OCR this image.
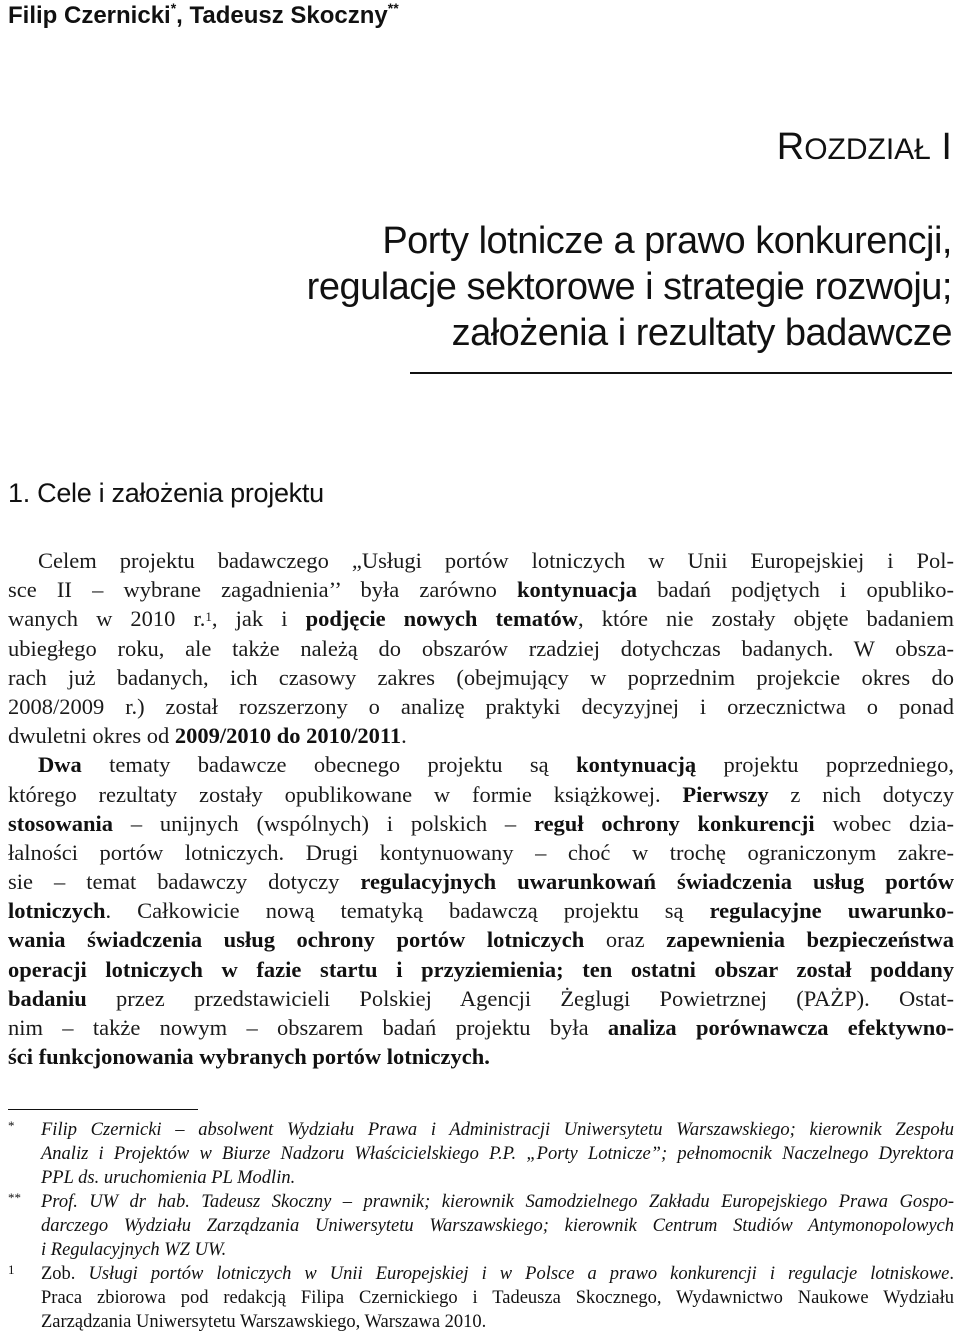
Filip Czernicki*, Tadeusz Skoczny**
ROZDZIAŁ I
Porty lotnicze a prawo konkurencji,
regulacje sektorowe i strategie rozwoju;
założenia i rezultaty badawcze
1. Cele i założenia projektu

Celem projektu badawczego „Usługi portów lotniczych w Unii Europejskiej i Pol-
sce II – wybrane zagadnienia’’ była zarówno kontynuacja badań podjętych i opubliko-
wanych w 2010 r.$^1$, jak i podjęcie nowych tematów, które nie zostały objęte badaniem
ubiegłego roku, ale także należą do obszarów rzadziej dotychczas badanych. W obsza-
rach już badanych, ich czasowy zakres (obejmujący w poprzednim projekcie okres do
2008/2009 r.) został rozszerzony o analizę praktyki decyzyjnej i orzecznictwa o ponad
dwuletni okres od 2009/2010 do 2010/2011.

Dwa tematy badawcze obecnego projektu są kontynuacją projektu poprzedniego,
którego rezultaty zostały opublikowane w formie książkowej. Pierwszy z nich dotyczy
stosowania – unijnych (wspólnych) i polskich – reguł ochrony konkurencji wobec dzia-
łalności portów lotniczych. Drugi kontynuowany – choć w trochę ograniczonym zakre-
sie – temat badawczy dotyczy regulacyjnych uwarunkowań świadczenia usług portów
lotniczych. Całkowicie nową tematyką badawczą projektu są regulacyjne uwarunko-
wania świadczenia usług ochrony portów lotniczych oraz zapewnienia bezpieczeństwa
operacji lotniczych w fazie startu i przyziemienia; ten ostatni obszar został poddany
badaniu przez przedstawicieli Polskiej Agencji Żeglugi Powietrznej (PAŻP). Ostat-
nim – także nowym – obszarem badań projektu była analiza porównawcza efektywno-
ści funkcjonowania wybranych portów lotniczych.

* Filip Czernicki – absolwent Wydziału Prawa i Administracji Uniwersytetu Warszawskiego; kierownik Zespołu
Analiz i Projektów w Biurze Nadzoru Właścicielskiego P.P. „Porty Lotnicze”; pełnomocnik Naczelnego Dyrektora
PPL ds. uruchomienia PL Modlin.
** Prof. UW dr hab. Tadeusz Skoczny – prawnik; kierownik Samodzielnego Zakładu Europejskiego Prawa Gospo-
darczego Wydziału Zarządzania Uniwersytetu Warszawskiego; kierownik Centrum Studiów Antymonopolowych
i Regulacyjnych WZ UW.
1 Zob. Usługi portów lotniczych w Unii Europejskiej i w Polsce a prawo konkurencji i regulacje lotniskowe.
Praca zbiorowa pod redakcją Filipa Czernickiego i Tadeusza Skocznego, Wydawnictwo Naukowe Wydziału
Zarządzania Uniwersytetu Warszawskiego, Warszawa 2010.
